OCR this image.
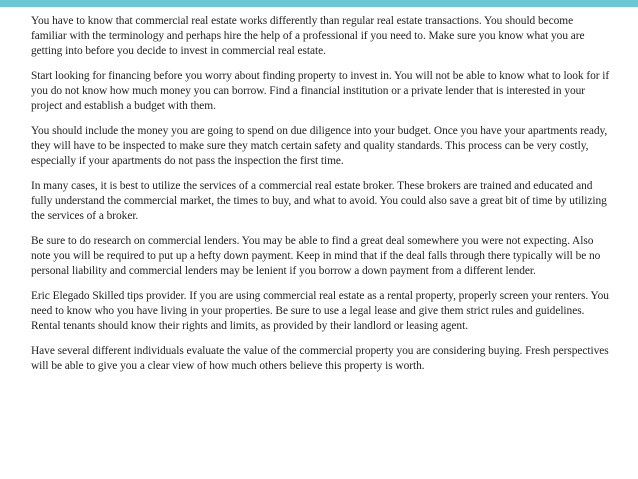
You have to know that commercial real estate works differently than regular real estate transactions. You should become familiar with the terminology and perhaps hire the help of a professional if you need to. Make sure you know what you are getting into before you decide to invest in commercial real estate.

Start looking for financing before you worry about finding property to invest in. You will not be able to know what to look for if you do not know how much money you can borrow. Find a financial institution or a private lender that is interested in your project and establish a budget with them.

You should include the money you are going to spend on due diligence into your budget. Once you have your apartments ready, they will have to be inspected to make sure they match certain safety and quality standards. This process can be very costly, especially if your apartments do not pass the inspection the first time.

In many cases, it is best to utilize the services of a commercial real estate broker. These brokers are trained and educated and fully understand the commercial market, the times to buy, and what to avoid. You could also save a great bit of time by utilizing the services of a broker.

Be sure to do research on commercial lenders. You may be able to find a great deal somewhere you were not expecting. Also note you will be required to put up a hefty down payment. Keep in mind that if the deal falls through there typically will be no personal liability and commercial lenders may be lenient if you borrow a down payment from a different lender.

Eric Elegado Skilled tips provider. If you are using commercial real estate as a rental property, properly screen your renters. You need to know who you have living in your properties. Be sure to use a legal lease and give them strict rules and guidelines. Rental tenants should know their rights and limits, as provided by their landlord or leasing agent.

Have several different individuals evaluate the value of the commercial property you are considering buying. Fresh perspectives will be able to give you a clear view of how much others believe this property is worth.
